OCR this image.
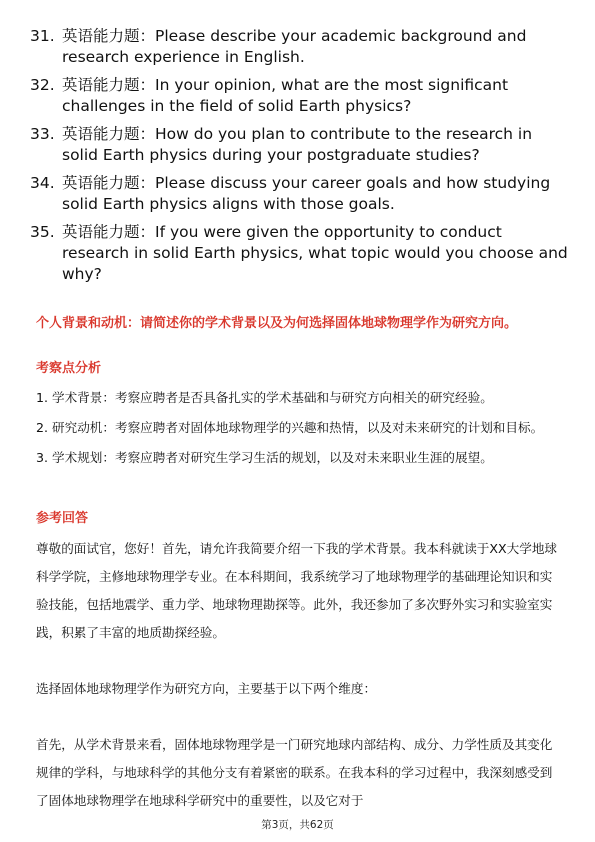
31. 英语能力题：Please describe your academic background and research experience in English.
32. 英语能力题：In your opinion, what are the most significant challenges in the field of solid Earth physics?
33. 英语能力题：How do you plan to contribute to the research in solid Earth physics during your postgraduate studies?
34. 英语能力题：Please discuss your career goals and how studying solid Earth physics aligns with those goals.
35. 英语能力题：If you were given the opportunity to conduct research in solid Earth physics, what topic would you choose and why?
个人背景和动机：请简述你的学术背景以及为何选择固体地球物理学作为研究方向。
考察点分析
1. 学术背景：考察应聘者是否具备扎实的学术基础和与研究方向相关的研究经验。
2. 研究动机：考察应聘者对固体地球物理学的兴趣和热情，以及对未来研究的计划和目标。
3. 学术规划：考察应聘者对研究生学习生活的规划，以及对未来职业生涯的展望。
参考回答

尊敬的面试官，您好！首先，请允许我简要介绍一下我的学术背景。我本科就读于XX大学地球科学学院，主修地球物理学专业。在本科期间，我系统学习了地球物理学的基础理论知识和实验技能，包括地震学、重力学、地球物理勘探等。此外，我还参加了多次野外实习和实验室实践，积累了丰富的地质勘探经验。

选择固体地球物理学作为研究方向，主要基于以下两个维度：

首先，从学术背景来看，固体地球物理学是一门研究地球内部结构、成分、力学性质及其变化规律的学科，与地球科学的其他分支有着紧密的联系。在我本科的学习过程中，我深刻感受到了固体地球物理学在地球科学研究中的重要性，以及它对于

第3页，共62页
